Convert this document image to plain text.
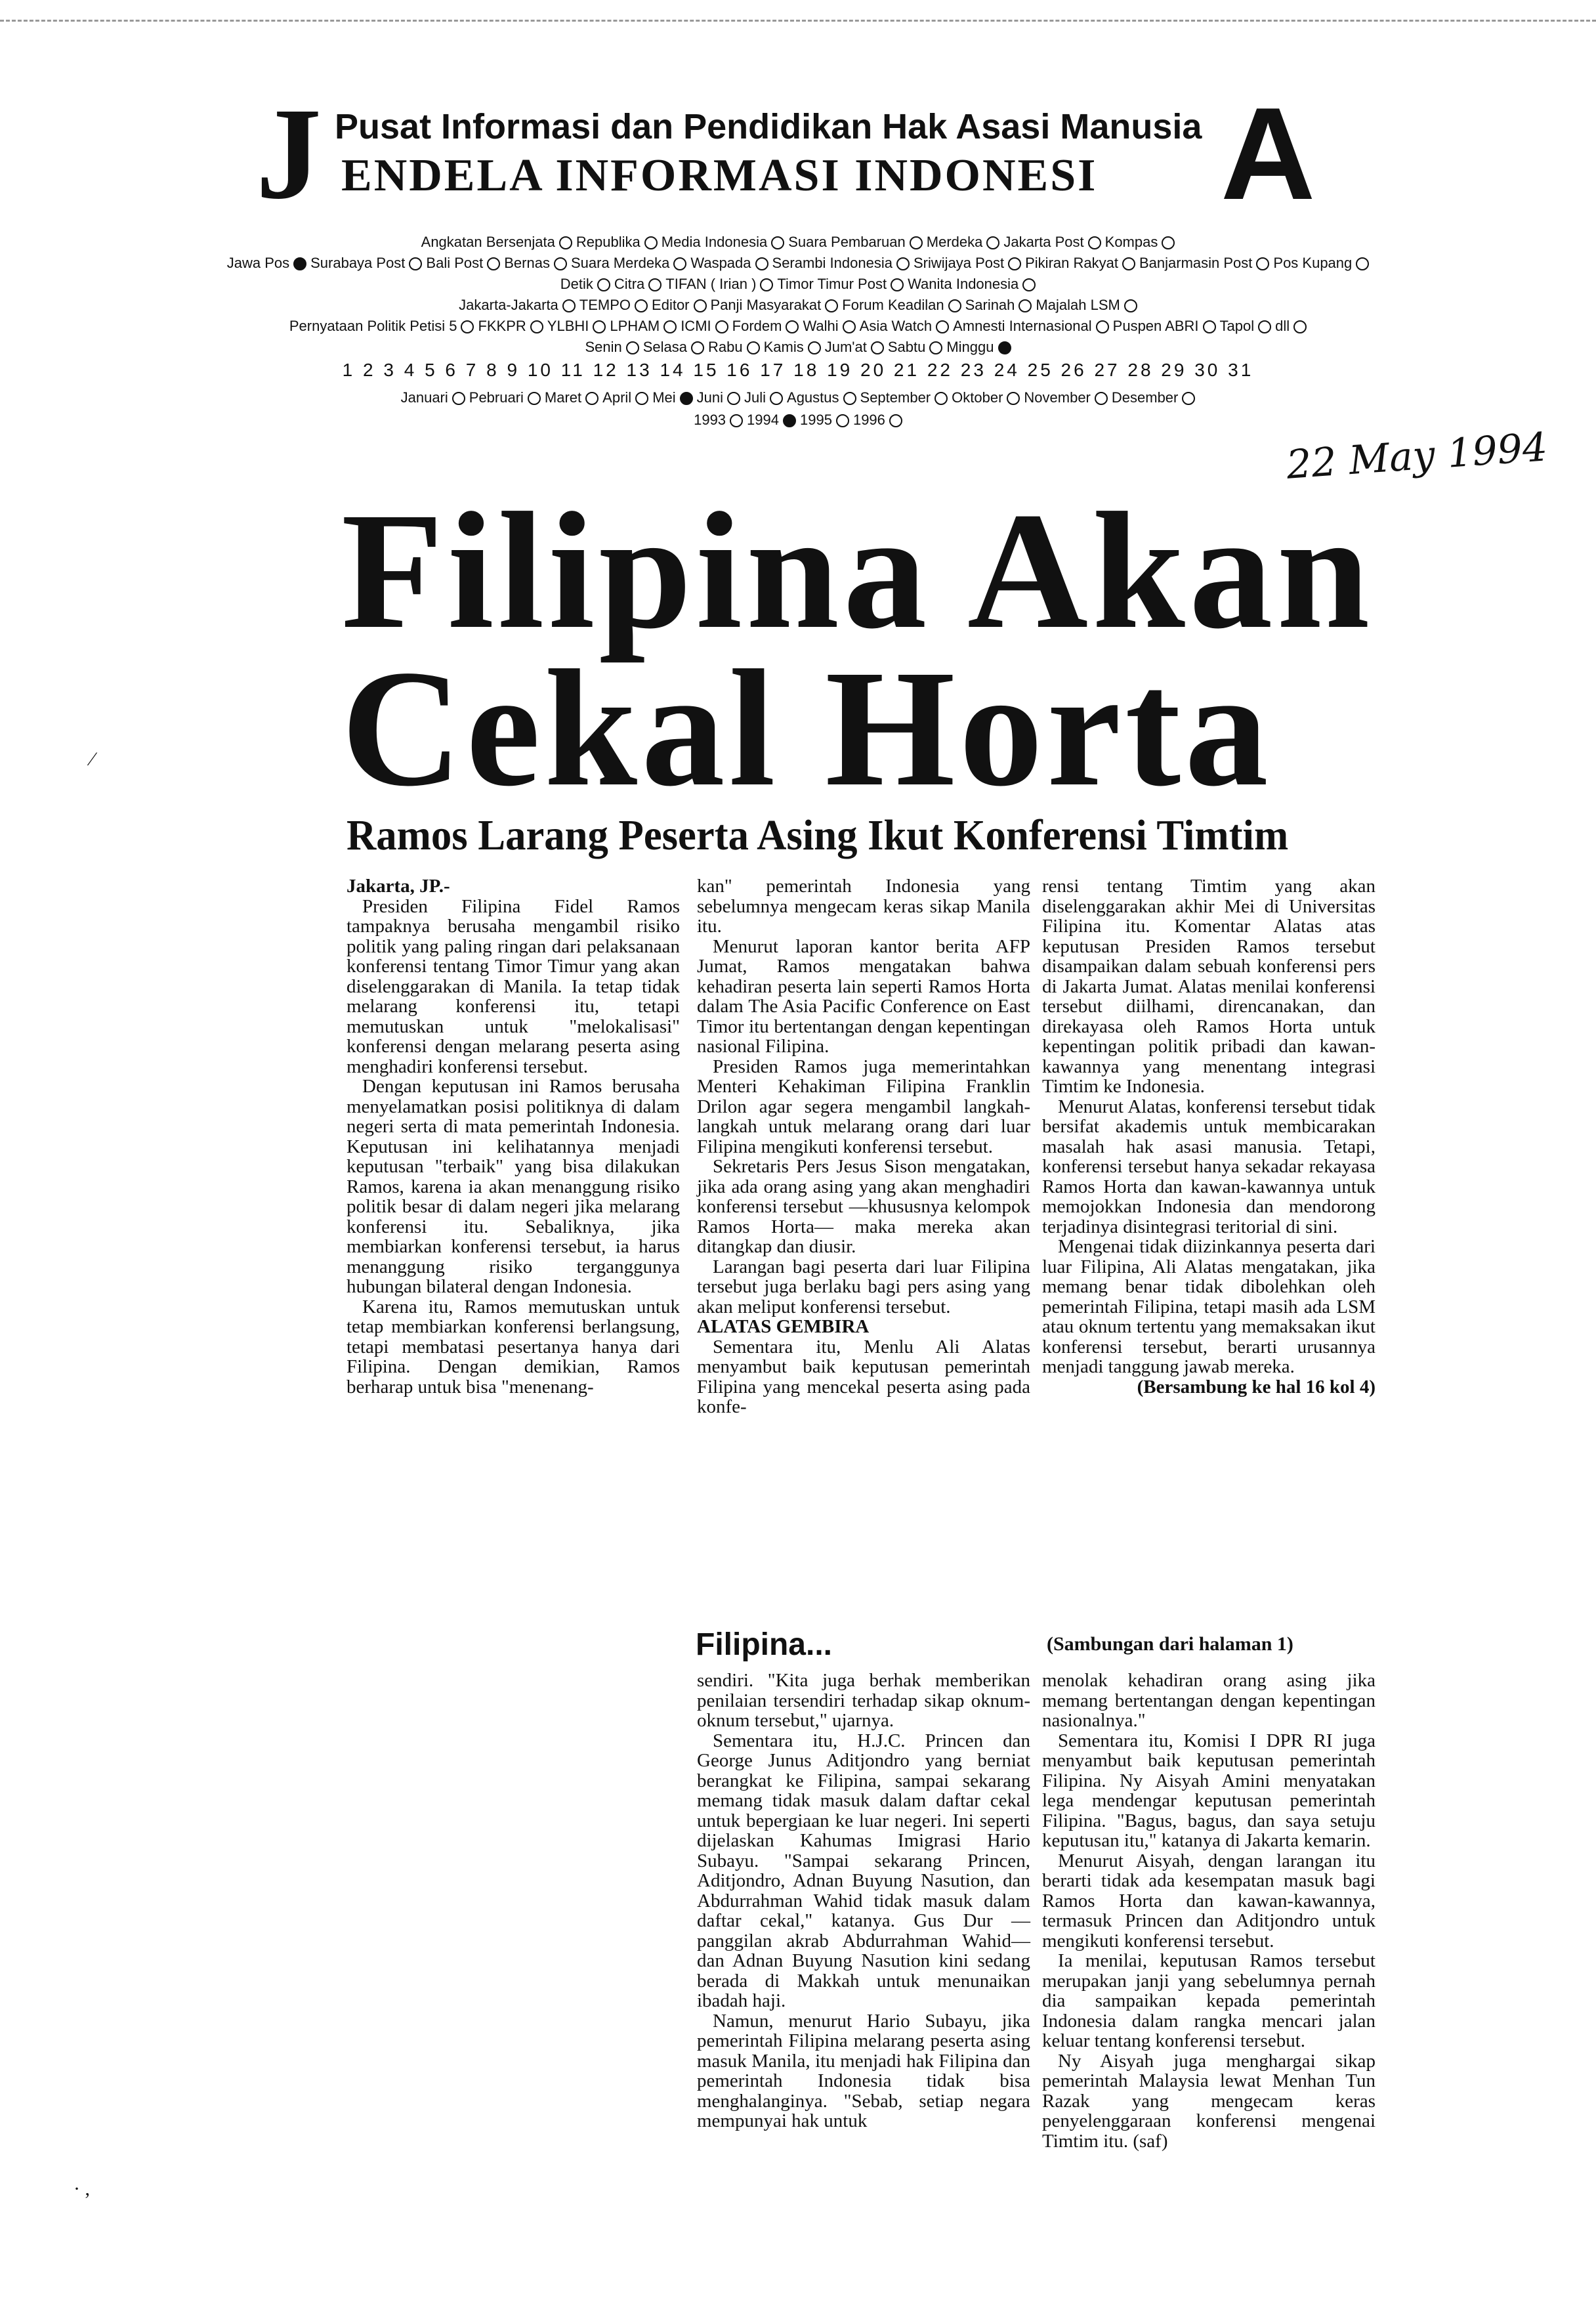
J Pusat Informasi dan Pendidikan Hak Asasi Manusia
ENDELA INFORMASI INDONESI A
Angkatan Bersenjata Republika Media Indonesia Suara Pembaruan Merdeka Jakarta Post Kompas
Jawa Pos Surabaya Post Bali Post Bernas Suara Merdeka Waspada Serambi Indonesia Sriwijaya Post Pikiran Rakyat Banjarmasin Post Pos Kupang
Detik Citra TIFAN ( Irian ) Timor Timur Post Wanita Indonesia
Jakarta-Jakarta TEMPO Editor Panji Masyarakat Forum Keadilan Sarinah Majalah LSM
Pernyataan Politik Petisi 5 FKKPR YLBHI LPHAM ICMI Fordem Walhi Asia Watch Amnesti Internasional Puspen ABRI Tapol dll
Senin Selasa Rabu Kamis Jum'at Sabtu Minggu
1 2 3 4 5 6 7 8 9 10 11 12 13 14 15 16 17 18 19 20 21 22 23 24 25 26 27 28 29 30 31
Januari Pebruari Maret April Mei Juni Juli Agustus September Oktober November Desember
1993 1994 1995 1996
22 May 1994
Filipina Akan
Cekal Horta
Ramos Larang Peserta Asing Ikut Konferensi Timtim

Jakarta, JP.-

Presiden Filipina Fidel Ramos tampaknya berusaha mengambil risiko politik yang paling ringan dari pelaksanaan konferensi tentang Timor Timur yang akan diselenggarakan di Manila. Ia tetap tidak melarang konferensi itu, tetapi memutuskan untuk "melokalisasi" konferensi dengan melarang peserta asing menghadiri konferensi tersebut.

Dengan keputusan ini Ramos berusaha menyelamatkan posisi politiknya di dalam negeri serta di mata pemerintah Indonesia. Keputusan ini kelihatannya menjadi keputusan "terbaik" yang bisa dilakukan Ramos, karena ia akan menanggung risiko politik besar di dalam negeri jika melarang konferensi itu. Sebaliknya, jika membiarkan konferensi tersebut, ia harus menanggung risiko terganggunya hubungan bilateral dengan Indonesia.

Karena itu, Ramos memutuskan untuk tetap membiarkan konferensi berlangsung, tetapi membatasi pesertanya hanya dari Filipina. Dengan demikian, Ramos berharap untuk bisa "menenang-

kan" pemerintah Indonesia yang sebelumnya mengecam keras sikap Manila itu.

Menurut laporan kantor berita AFP Jumat, Ramos mengatakan bahwa kehadiran peserta lain seperti Ramos Horta dalam The Asia Pacific Conference on East Timor itu bertentangan dengan kepentingan nasional Filipina.

Presiden Ramos juga memerintahkan Menteri Kehakiman Filipina Franklin Drilon agar segera mengambil langkah-langkah untuk melarang orang dari luar Filipina mengikuti konferensi tersebut.

Sekretaris Pers Jesus Sison mengatakan, jika ada orang asing yang akan menghadiri konferensi tersebut —khususnya kelompok Ramos Horta— maka mereka akan ditangkap dan diusir.

Larangan bagi peserta dari luar Filipina tersebut juga berlaku bagi pers asing yang akan meliput konferensi tersebut.

ALATAS GEMBIRA

Sementara itu, Menlu Ali Alatas menyambut baik keputusan pemerintah Filipina yang mencekal peserta asing pada konfe-

rensi tentang Timtim yang akan diselenggarakan akhir Mei di Universitas Filipina itu. Komentar Alatas atas keputusan Presiden Ramos tersebut disampaikan dalam sebuah konferensi pers di Jakarta Jumat. Alatas menilai konferensi tersebut diilhami, direncanakan, dan direkayasa oleh Ramos Horta untuk kepentingan politik pribadi dan kawan-kawannya yang menentang integrasi Timtim ke Indonesia.

Menurut Alatas, konferensi tersebut tidak bersifat akademis untuk membicarakan masalah hak asasi manusia. Tetapi, konferensi tersebut hanya sekadar rekayasa Ramos Horta dan kawan-kawannya untuk memojokkan Indonesia dan mendorong terjadinya disintegrasi teritorial di sini.

Mengenai tidak diizinkannya peserta dari luar Filipina, Ali Alatas mengatakan, jika memang benar tidak dibolehkan oleh pemerintah Filipina, tetapi masih ada LSM atau oknum tertentu yang memaksakan ikut konferensi tersebut, berarti urusannya menjadi tanggung jawab mereka.

(Bersambung ke hal 16 kol 4)

Filipina...	(Sambungan dari halaman 1)

sendiri. "Kita juga berhak memberikan penilaian tersendiri terhadap sikap oknum-oknum tersebut," ujarnya.

Sementara itu, H.J.C. Princen dan George Junus Aditjondro yang berniat berangkat ke Filipina, sampai sekarang memang tidak masuk dalam daftar cekal untuk bepergiaan ke luar negeri. Ini seperti dijelaskan Kahumas Imigrasi Hario Subayu. "Sampai sekarang Princen, Aditjondro, Adnan Buyung Nasution, dan Abdurrahman Wahid tidak masuk dalam daftar cekal," katanya. Gus Dur —panggilan akrab Abdurrahman Wahid— dan Adnan Buyung Nasution kini sedang berada di Makkah untuk menunaikan ibadah haji.

Namun, menurut Hario Subayu, jika pemerintah Filipina melarang peserta asing masuk Manila, itu menjadi hak Filipina dan pemerintah Indonesia tidak bisa menghalanginya. "Sebab, setiap negara mempunyai hak untuk

menolak kehadiran orang asing jika memang bertentangan dengan kepentingan nasionalnya."

Sementara itu, Komisi I DPR RI juga menyambut baik keputusan pemerintah Filipina. Ny Aisyah Amini menyatakan lega mendengar keputusan pemerintah Filipina. "Bagus, bagus, dan saya setuju keputusan itu," katanya di Jakarta kemarin.

Menurut Aisyah, dengan larangan itu berarti tidak ada kesempatan masuk bagi Ramos Horta dan kawan-kawannya, termasuk Princen dan Aditjondro untuk mengikuti konferensi tersebut.

Ia menilai, keputusan Ramos tersebut merupakan janji yang sebelumnya pernah dia sampaikan kepada pemerintah Indonesia dalam rangka mencari jalan keluar tentang konferensi tersebut.

Ny Aisyah juga menghargai sikap pemerintah Malaysia lewat Menhan Tun Razak yang mengecam keras penyelenggaraan konferensi mengenai Timtim itu. (saf)

⁄
· ,
